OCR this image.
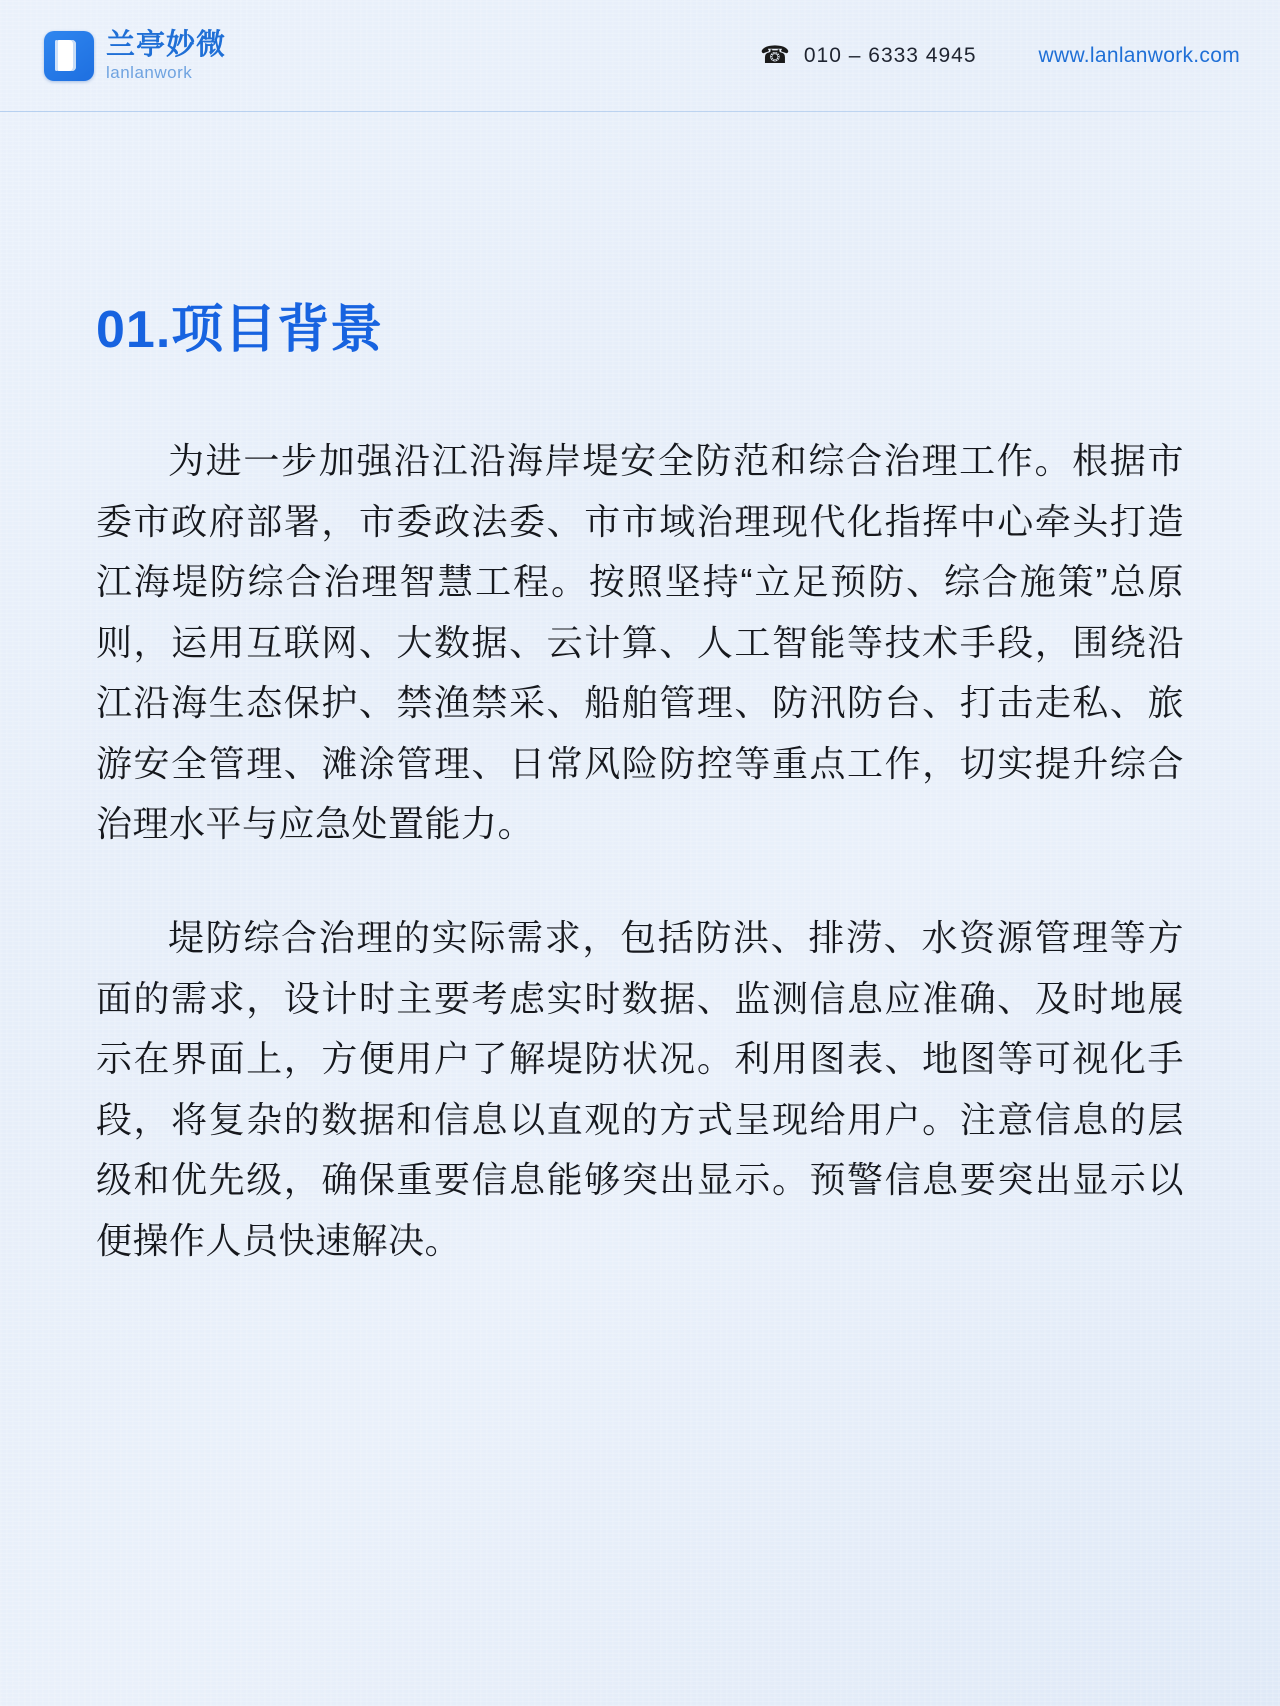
兰亭妙微
lanlanwork
☎ 010 – 6333 4945	www.lanlanwork.com
01.项目背景

为进一步加强沿江沿海岸堤安全防范和综合治理工作。根据市委市政府部署，市委政法委、市市域治理现代化指挥中心牵头打造江海堤防综合治理智慧工程。按照坚持“立足预防、综合施策”总原则，运用互联网、大数据、云计算、人工智能等技术手段，围绕沿江沿海生态保护、禁渔禁采、船舶管理、防汛防台、打击走私、旅游安全管理、滩涂管理、日常风险防控等重点工作，切实提升综合治理水平与应急处置能力。

堤防综合治理的实际需求，包括防洪、排涝、水资源管理等方面的需求，设计时主要考虑实时数据、监测信息应准确、及时地展示在界面上，方便用户了解堤防状况。利用图表、地图等可视化手段，将复杂的数据和信息以直观的方式呈现给用户。注意信息的层级和优先级，确保重要信息能够突出显示。预警信息要突出显示以便操作人员快速解决。
